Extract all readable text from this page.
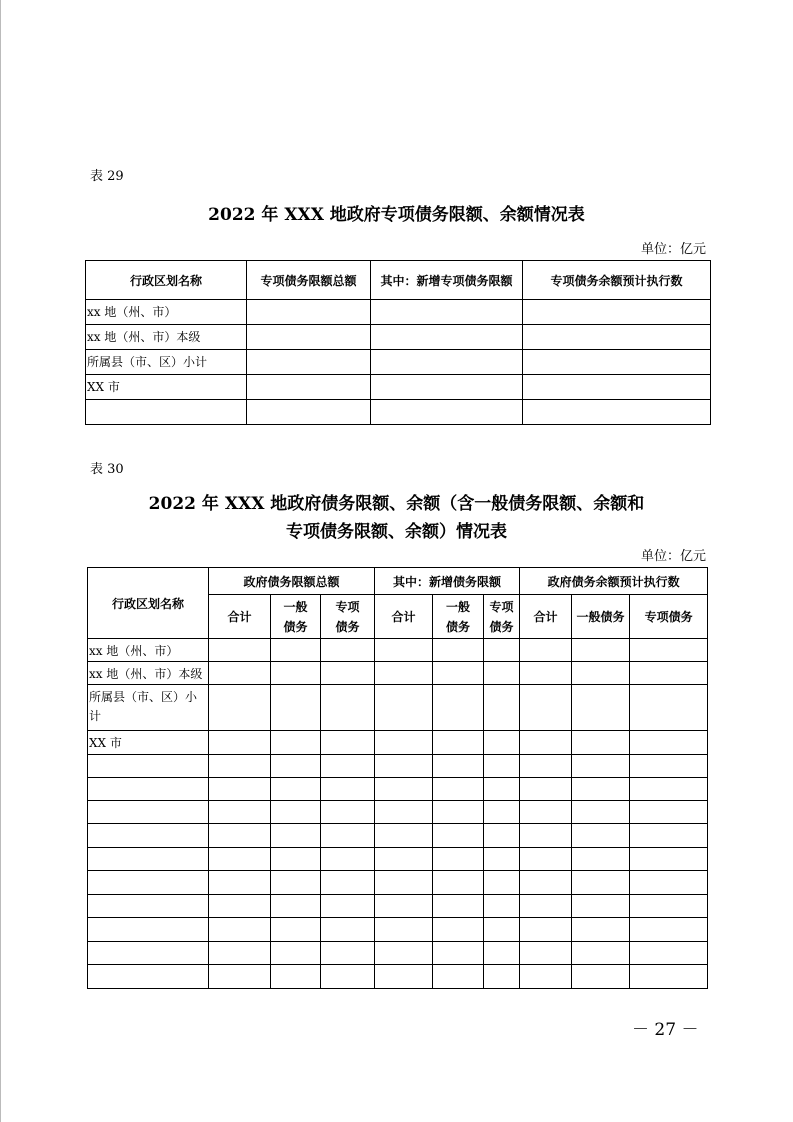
表 29
2022 年 XXX 地政府专项债务限额、余额情况表
单位：亿元
行政区划名称	专项债务限额总额	其中：新增专项债务限额	专项债务余额预计执行数
xx 地（州、市）			
xx 地（州、市）本级			
所属县（市、区）小计			
XX 市			

表 30
2022 年 XXX 地政府债务限额、余额（含一般债务限额、余额和
专项债务限额、余额）情况表
单位：亿元
行政区划名称	政府债务限额总额			其中：新增债务限额			政府债务余额预计执行数		
	合计	一般债务	专项债务	合计	一般债务	专项债务	合计	一般债务	专项债务
xx 地（州、市）									
xx 地（州、市）本级									
所属县（市、区）小计									
XX 市									

－ 27 －
